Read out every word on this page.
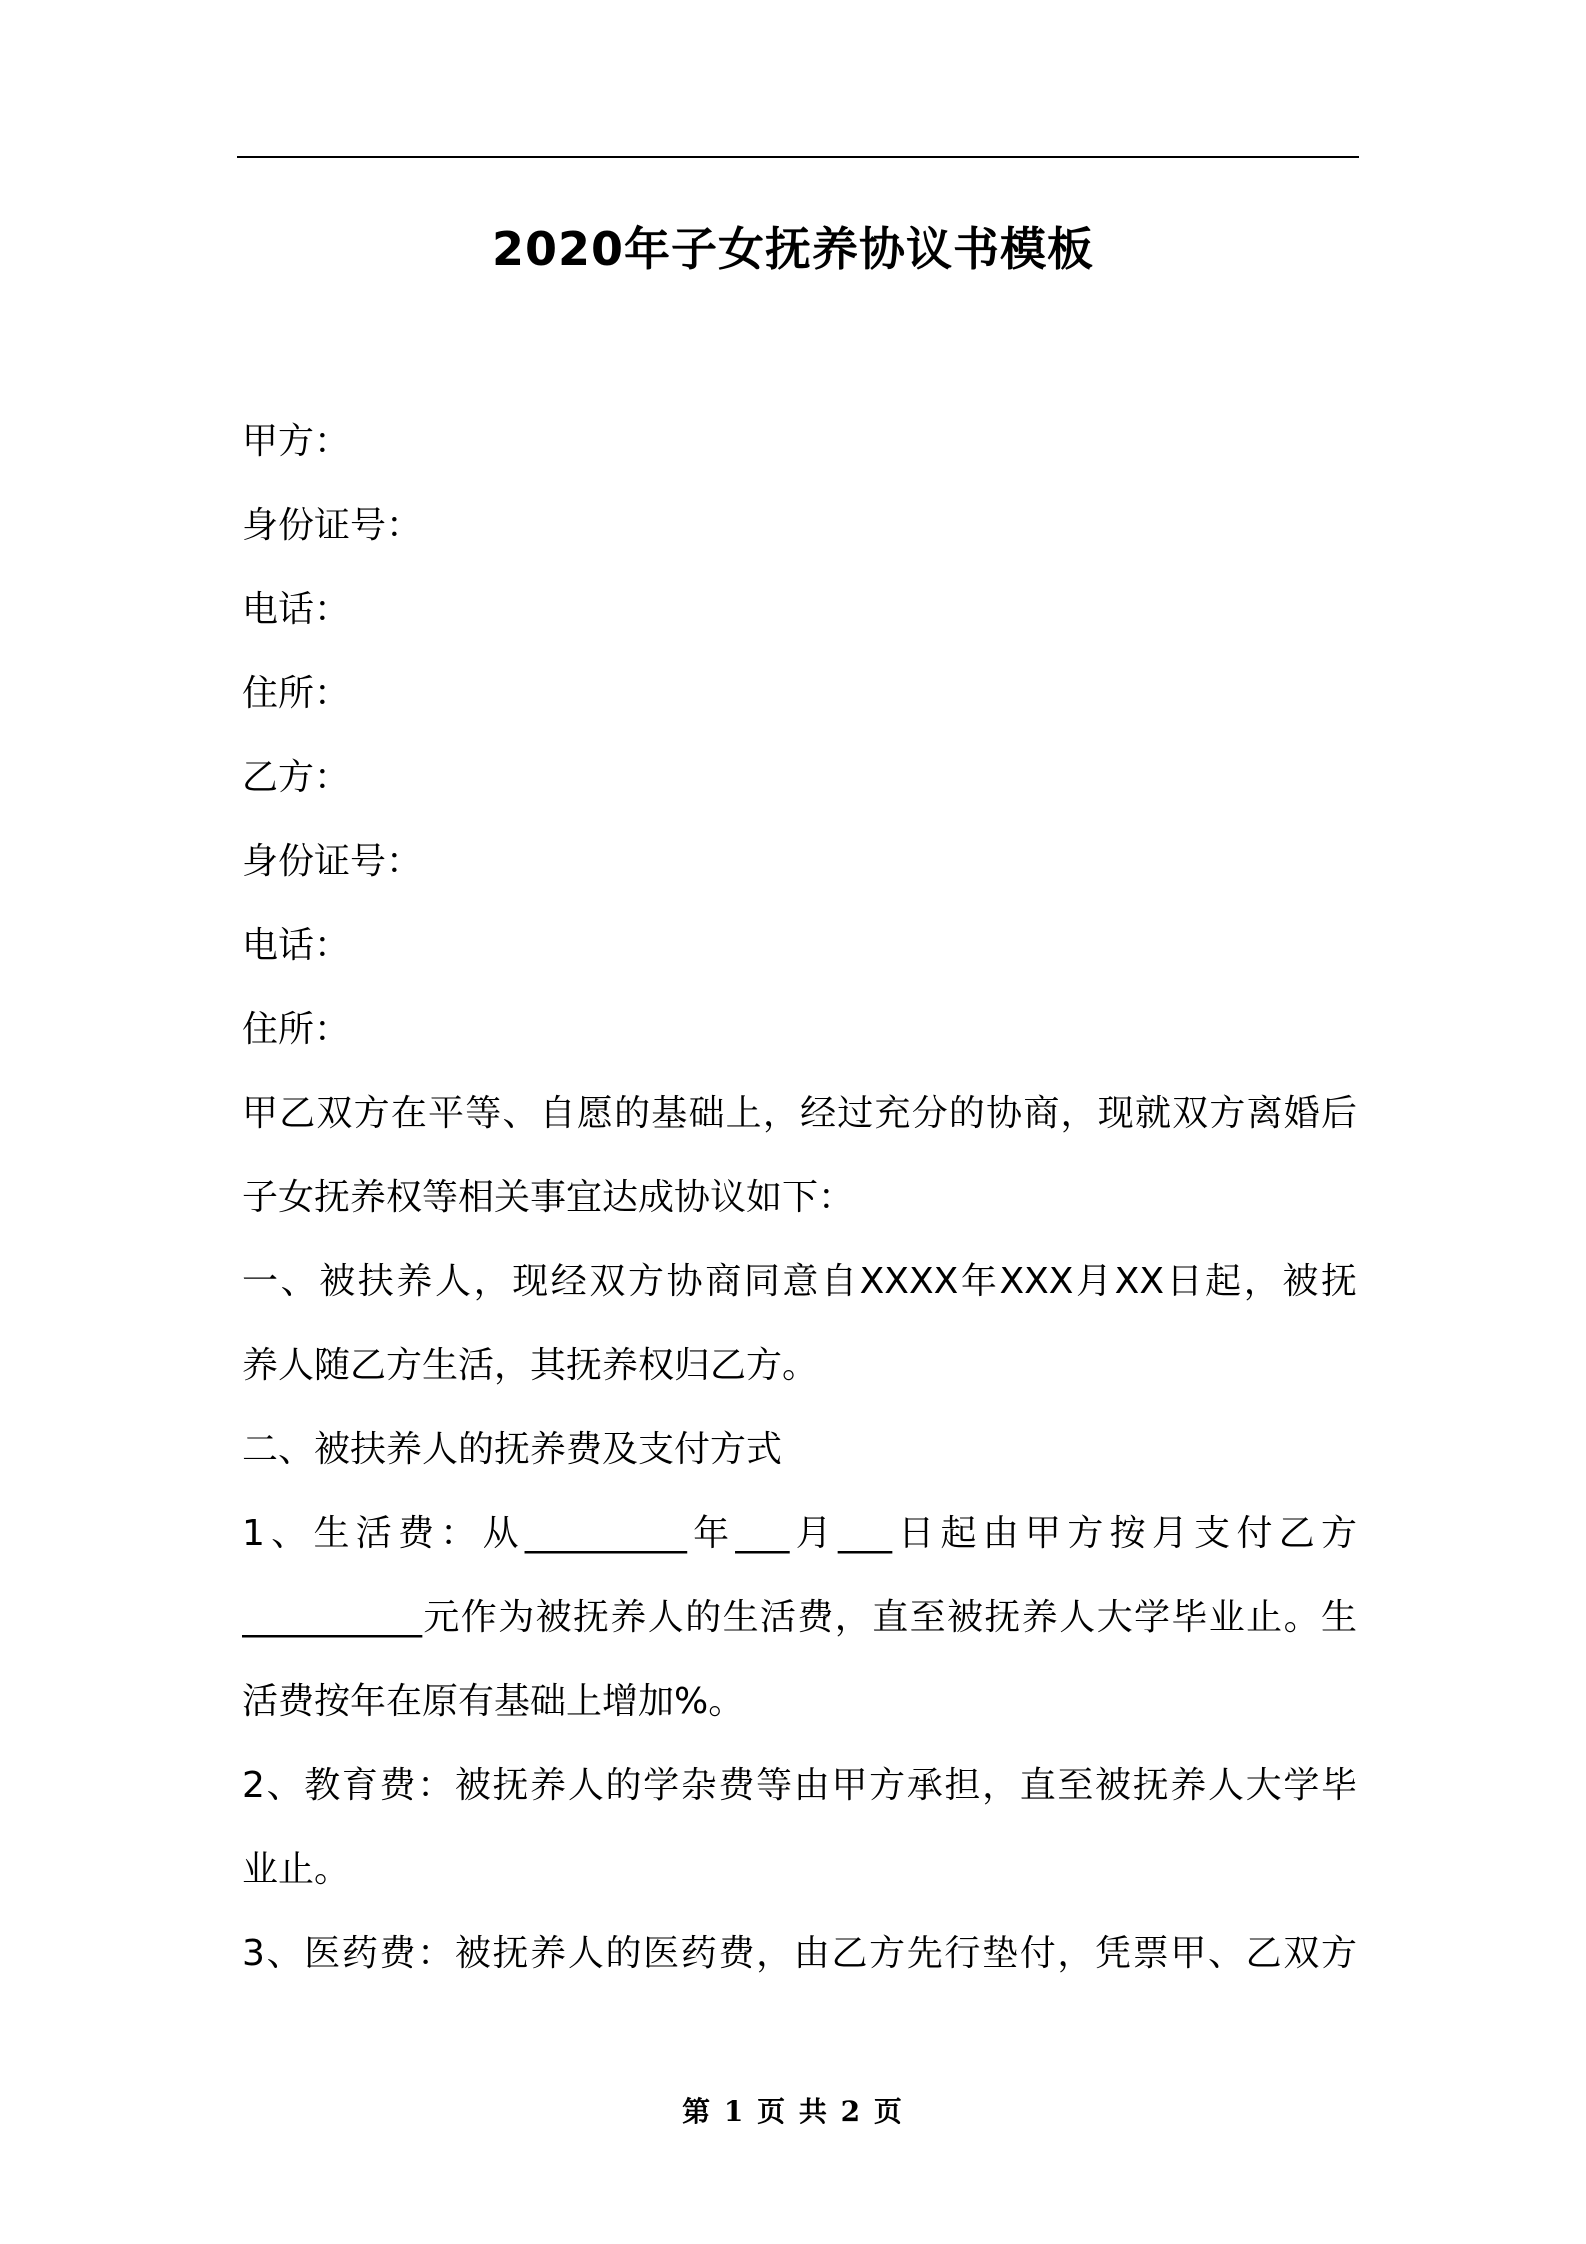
2020年子女抚养协议书模板
甲方：
身份证号：
电话：
住所：
乙方：
身份证号：
电话：
住所：
甲乙双方在平等、自愿的基础上，经过充分的协商，现就双方离婚后
子女抚养权等相关事宜达成协议如下：
一、被扶养人，现经双方协商同意自XXXX年XXX月XX日起，被抚
养人随乙方生活，其抚养权归乙方。
二、被扶养人的抚养费及支付方式
1、生活费：从_________年___月___日起由甲方按月支付乙方
__________元作为被抚养人的生活费，直至被抚养人大学毕业止。生
活费按年在原有基础上增加%。
2、教育费：被抚养人的学杂费等由甲方承担，直至被抚养人大学毕
业止。
3、医药费：被抚养人的医药费，由乙方先行垫付，凭票甲、乙双方
第 1 页 共 2 页
